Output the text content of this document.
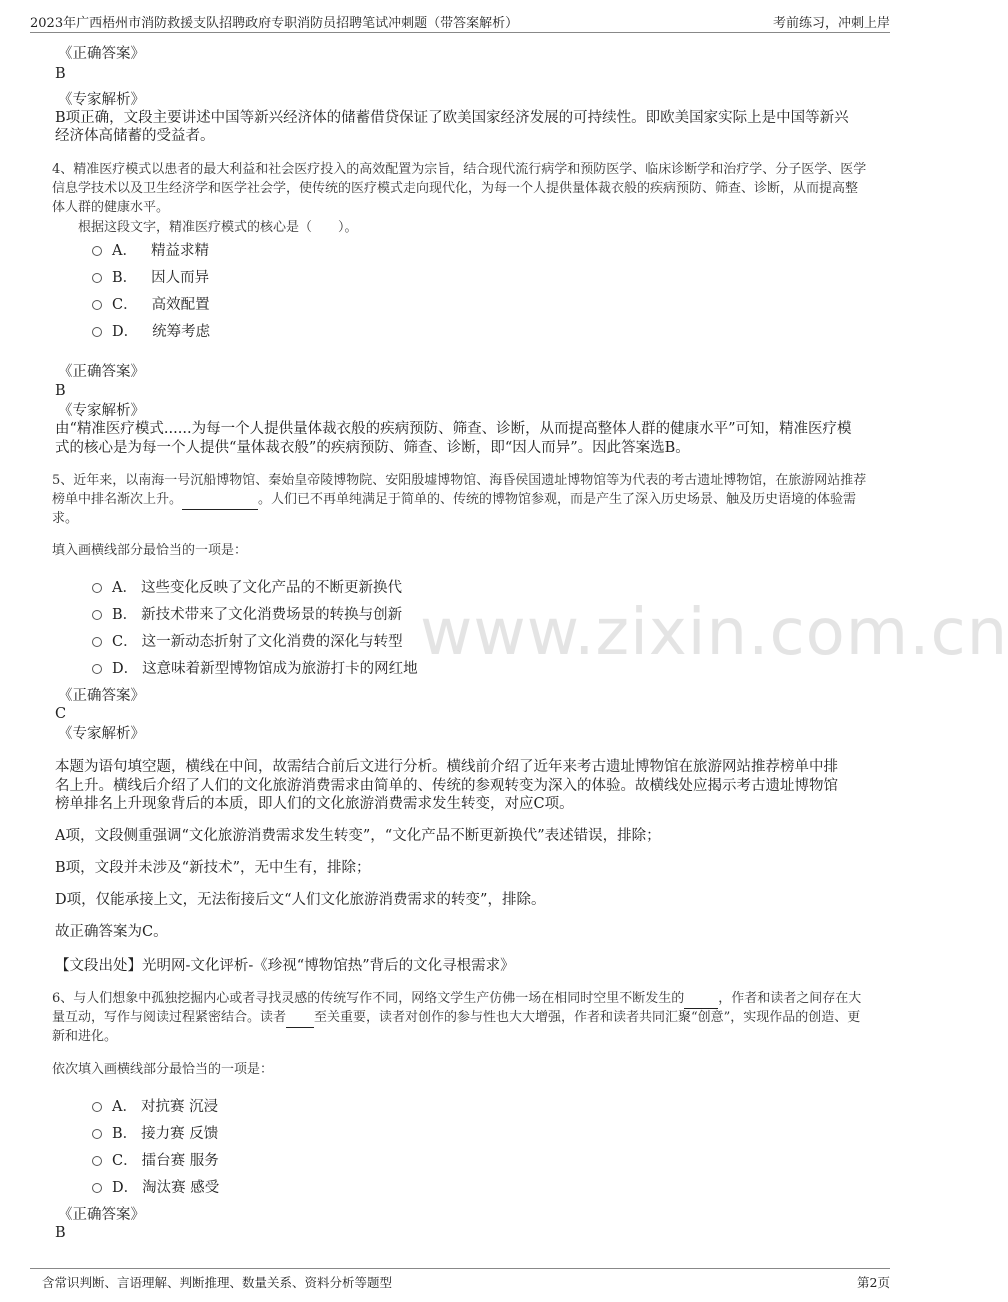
2023年广西梧州市消防救援支队招聘政府专职消防员招聘笔试冲刺题（带答案解析）	考前练习，冲刺上岸
www.zixin.com.cn
《正确答案》
B
《专家解析》
B项正确，文段主要讲述中国等新兴经济体的储蓄借贷保证了欧美国家经济发展的可持续性。即欧美国家实际上是中国等新兴
经济体高储蓄的受益者。
4、精准医疗模式以患者的最大利益和社会医疗投入的高效配置为宗旨，结合现代流行病学和预防医学、临床诊断学和治疗学、分子医学、医学
信息学技术以及卫生经济学和医学社会学，使传统的医疗模式走向现代化，为每一个人提供量体裁衣般的疾病预防、筛查、诊断，从而提高整
体人群的健康水平。
根据这段文字，精准医疗模式的核心是（　　）。
A． 精益求精
B． 因人而异
C． 高效配置
D． 统筹考虑
《正确答案》
B
《专家解析》
由“精准医疗模式......为每一个人提供量体裁衣般的疾病预防、筛查、诊断，从而提高整体人群的健康水平”可知，精准医疗模
式的核心是为每一个人提供“量体裁衣般”的疾病预防、筛查、诊断，即“因人而异”。因此答案选B。
5、近年来，以南海一号沉船博物馆、秦始皇帝陵博物院、安阳殷墟博物馆、海昏侯国遗址博物馆等为代表的考古遗址博物馆，在旅游网站推荐
榜单中排名渐次上升。	。人们已不再单纯满足于简单的、传统的博物馆参观，而是产生了深入历史场景、触及历史语境的体验需
求。
填入画横线部分最恰当的一项是：
A． 这些变化反映了文化产品的不断更新换代
B． 新技术带来了文化消费场景的转换与创新
C． 这一新动态折射了文化消费的深化与转型
D． 这意味着新型博物馆成为旅游打卡的网红地
《正确答案》
C
《专家解析》
本题为语句填空题，横线在中间，故需结合前后文进行分析。横线前介绍了近年来考古遗址博物馆在旅游网站推荐榜单中排
名上升。横线后介绍了人们的文化旅游消费需求由简单的、传统的参观转变为深入的体验。故横线处应揭示考古遗址博物馆
榜单排名上升现象背后的本质，即人们的文化旅游消费需求发生转变，对应C项。
A项，文段侧重强调“文化旅游消费需求发生转变”，“文化产品不断更新换代”表述错误，排除；
B项，文段并未涉及“新技术”，无中生有，排除；
D项，仅能承接上文，无法衔接后文“人们文化旅游消费需求的转变”，排除。
故正确答案为C。
【文段出处】光明网-文化评析-《珍视“博物馆热”背后的文化寻根需求》
6、与人们想象中孤独挖掘内心或者寻找灵感的传统写作不同，网络文学生产仿佛一场在相同时空里不断发生的	，作者和读者之间存在大
量互动，写作与阅读过程紧密结合。读者 至关重要，读者对创作的参与性也大大增强，作者和读者共同汇聚“创意”，实现作品的创造、更
新和进化。
依次填入画横线部分最恰当的一项是：
A． 对抗赛 沉浸
B． 接力赛 反馈
C． 擂台赛 服务
D． 淘汰赛 感受
《正确答案》
B
含常识判断、言语理解、判断推理、数量关系、资料分析等题型	第2页
